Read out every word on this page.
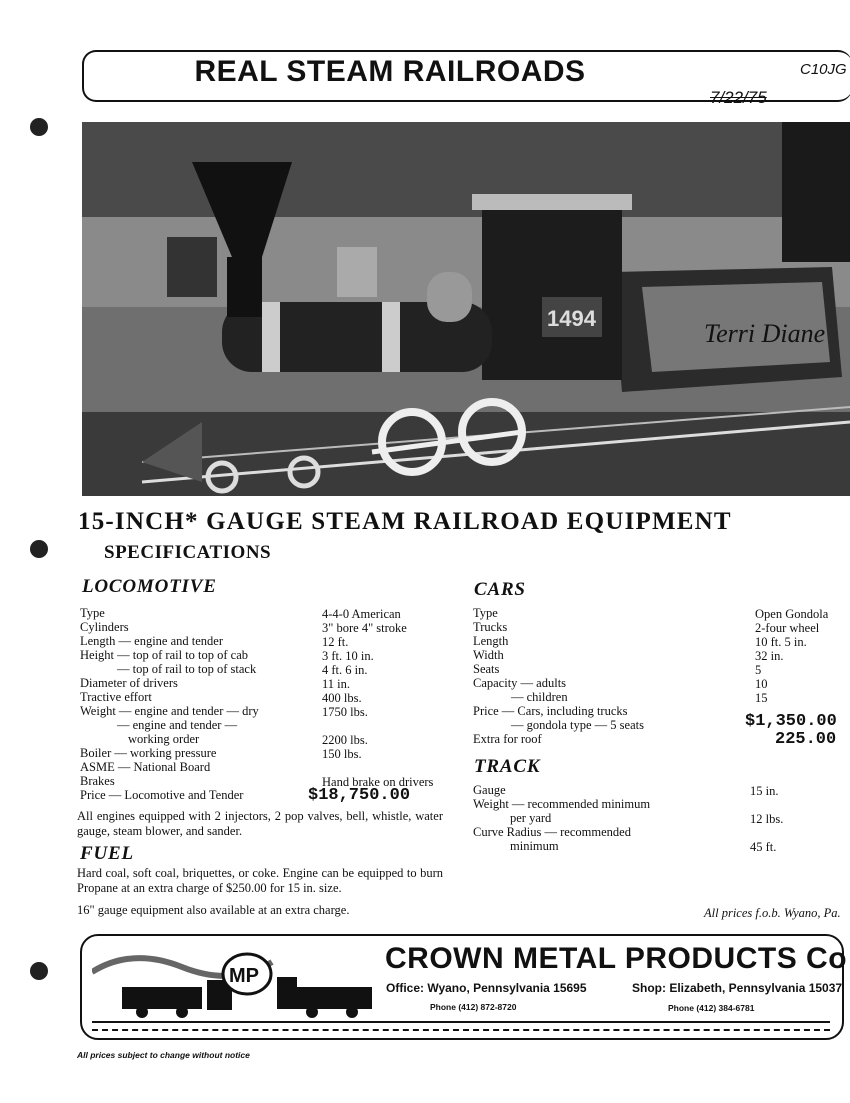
REAL STEAM RAILROADS	C10JG
7/22/75
Terri Diane
1494
15-INCH* GAUGE STEAM RAILROAD EQUIPMENT
SPECIFICATIONS
LOCOMOTIVE
Type	4-4-0 American
Cylinders	3" bore 4" stroke
Length — engine and tender	12 ft.
Height — top of rail to top of cab	3 ft. 10 in.
— top of rail to top of stack	4 ft. 6 in.
Diameter of drivers	11 in.
Tractive effort	400 lbs.
Weight — engine and tender — dry	1750 lbs.
— engine and tender —
working order	2200 lbs.
Boiler — working pressure	150 lbs.
ASME — National Board
Brakes	Hand brake on drivers
Price — Locomotive and Tender	$18,750.00
All engines equipped with 2 injectors, 2 pop valves, bell, whistle, water gauge, steam blower, and sander.
FUEL
Hard coal, soft coal, briquettes, or coke. Engine can be equipped to burn Propane at an extra charge of $250.00 for 15 in. size.
16" gauge equipment also available at an extra charge.
CARS
Type	Open Gondola
Trucks	2-four wheel
Length	10 ft. 5 in.
Width	32 in.
Seats	5
Capacity — adults	10
— children	15
Price — Cars, including trucks
— gondola type — 5 seats	$1,350.00
Extra for roof	225.00
TRACK
Gauge	15 in.
Weight — recommended minimum
per yard	12 lbs.
Curve Radius — recommended
minimum	45 ft.
All prices f.o.b. Wyano, Pa.
MP
CROWN METAL PRODUCTS Co
Office: Wyano, Pennsylvania 15695
Phone (412) 872-8720
Shop: Elizabeth, Pennsylvania 15037
Phone (412) 384-6781
All prices subject to change without notice
